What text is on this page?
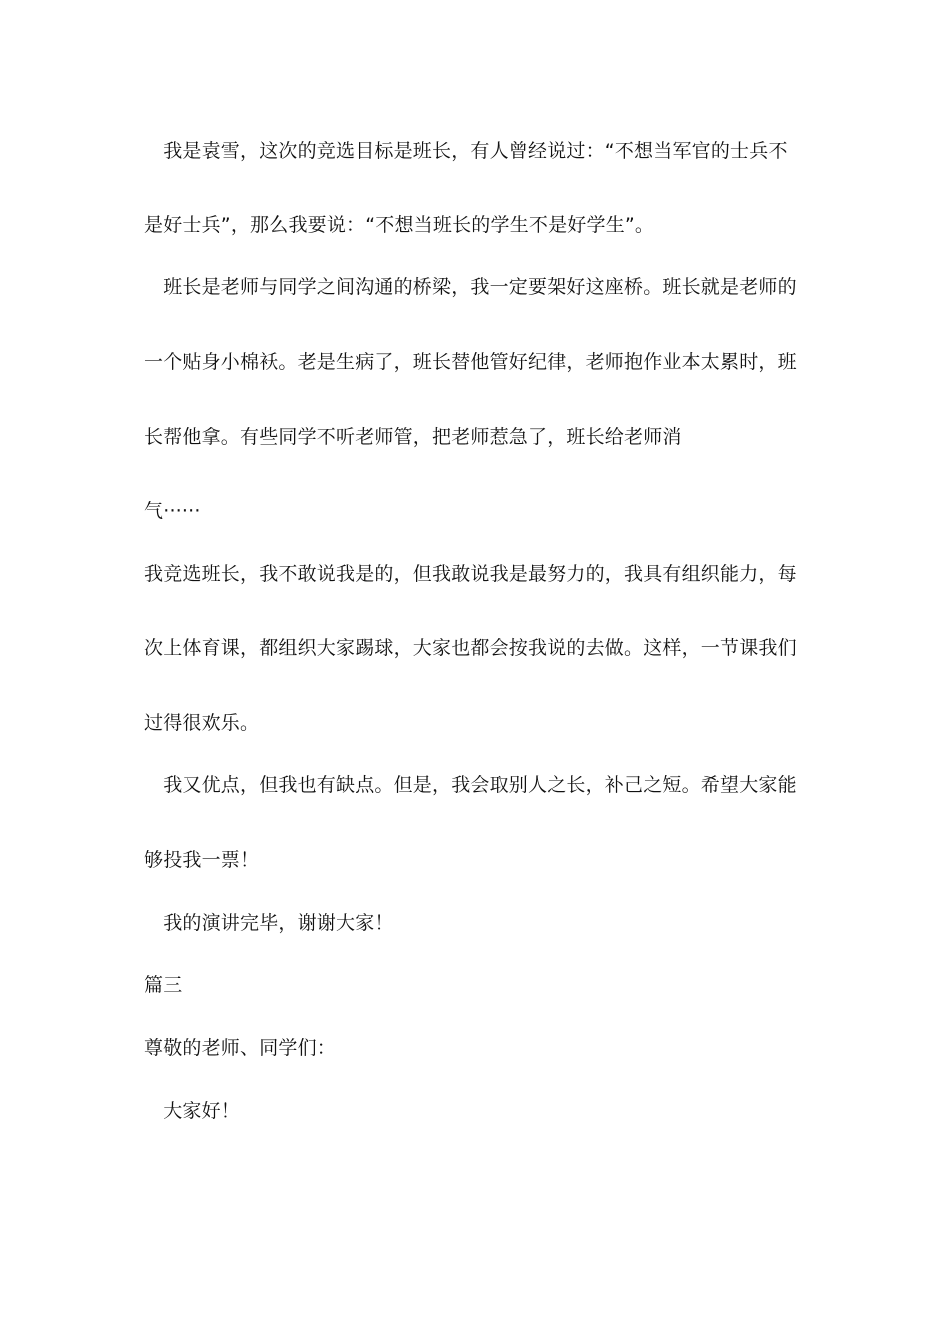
　我是袁雪，这次的竞选目标是班长，有人曾经说过：“不想当军官的士兵不
是好士兵”，那么我要说：“不想当班长的学生不是好学生”。
　班长是老师与同学之间沟通的桥梁，我一定要架好这座桥。班长就是老师的
一个贴身小棉袄。老是生病了，班长替他管好纪律，老师抱作业本太累时，班
长帮他拿。有些同学不听老师管，把老师惹急了，班长给老师消
气······
我竞选班长，我不敢说我是的，但我敢说我是最努力的，我具有组织能力，每
次上体育课，都组织大家踢球，大家也都会按我说的去做。这样，一节课我们
过得很欢乐。
　我又优点，但我也有缺点。但是，我会取别人之长，补己之短。希望大家能
够投我一票！
　我的演讲完毕，谢谢大家！
篇三
尊敬的老师、同学们：
　大家好！
